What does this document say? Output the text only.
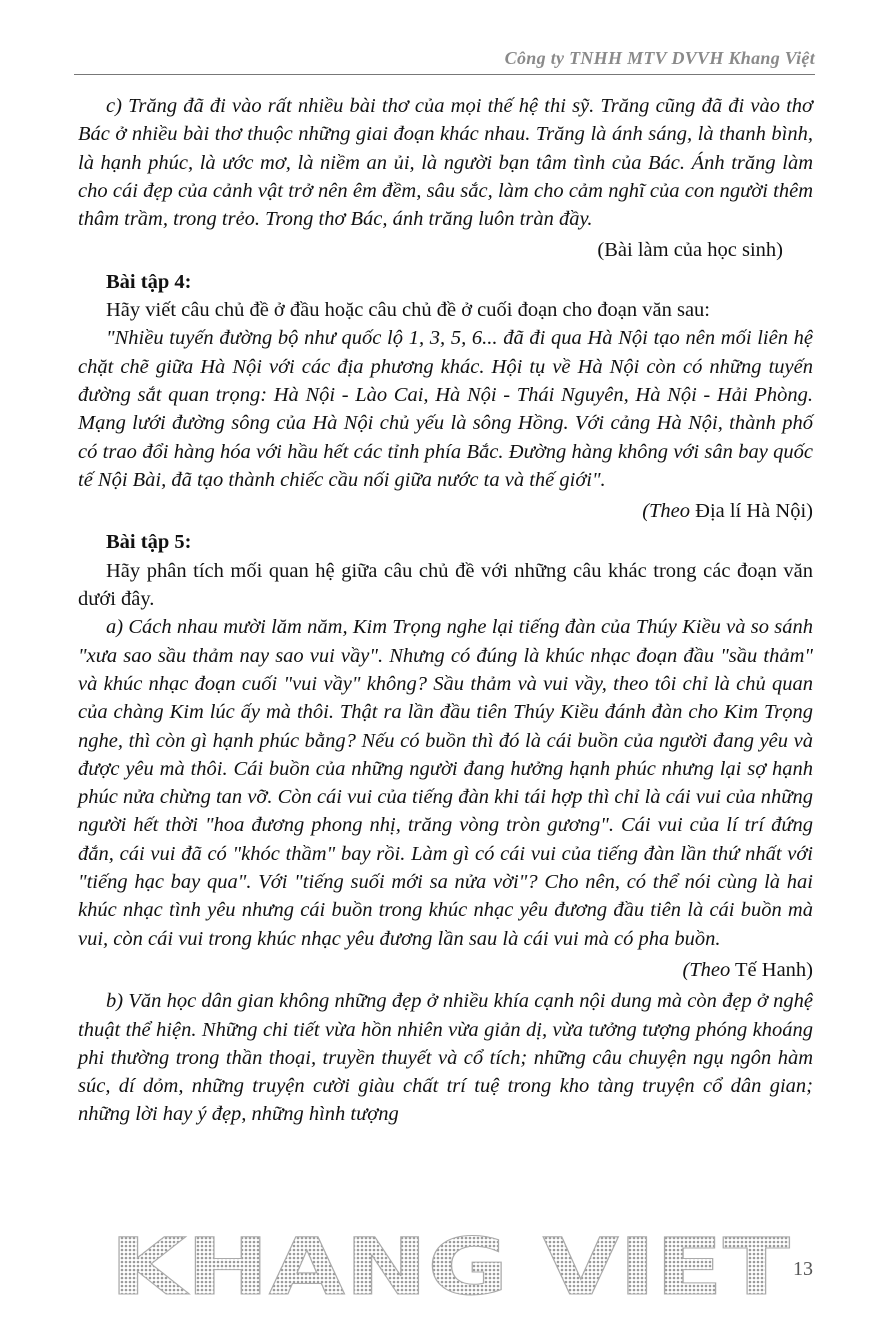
Công ty TNHH MTV DVVH Khang Việt

c) Trăng đã đi vào rất nhiều bài thơ của mọi thế hệ thi sỹ. Trăng cũng đã đi vào thơ Bác ở nhiều bài thơ thuộc những giai đoạn khác nhau. Trăng là ánh sáng, là thanh bình, là hạnh phúc, là ước mơ, là niềm an ủi, là người bạn tâm tình của Bác. Ánh trăng làm cho cái đẹp của cảnh vật trở nên êm đềm, sâu sắc, làm cho cảm nghĩ của con người thêm thâm trầm, trong trẻo. Trong thơ Bác, ánh trăng luôn tràn đầy.

(Bài làm của học sinh)

Bài tập 4:

Hãy viết câu chủ đề ở đầu hoặc câu chủ đề ở cuối đoạn cho đoạn văn sau:

"Nhiều tuyến đường bộ như quốc lộ 1, 3, 5, 6... đã đi qua Hà Nội tạo nên mối liên hệ chặt chẽ giữa Hà Nội với các địa phương khác. Hội tụ về Hà Nội còn có những tuyến đường sắt quan trọng: Hà Nội - Lào Cai, Hà Nội - Thái Nguyên, Hà Nội - Hải Phòng. Mạng lưới đường sông của Hà Nội chủ yếu là sông Hồng. Với cảng Hà Nội, thành phố có trao đổi hàng hóa với hầu hết các tỉnh phía Bắc. Đường hàng không với sân bay quốc tế Nội Bài, đã tạo thành chiếc cầu nối giữa nước ta và thế giới".

(Theo Địa lí Hà Nội)

Bài tập 5:

Hãy phân tích mối quan hệ giữa câu chủ đề với những câu khác trong các đoạn văn dưới đây.

a) Cách nhau mười lăm năm, Kim Trọng nghe lại tiếng đàn của Thúy Kiều và so sánh "xưa sao sầu thảm nay sao vui vầy". Nhưng có đúng là khúc nhạc đoạn đầu "sầu thảm" và khúc nhạc đoạn cuối "vui vầy" không? Sầu thảm và vui vầy, theo tôi chỉ là chủ quan của chàng Kim lúc ấy mà thôi. Thật ra lần đầu tiên Thúy Kiều đánh đàn cho Kim Trọng nghe, thì còn gì hạnh phúc bằng? Nếu có buồn thì đó là cái buồn của người đang yêu và được yêu mà thôi. Cái buồn của những người đang hưởng hạnh phúc nhưng lại sợ hạnh phúc nửa chừng tan vỡ. Còn cái vui của tiếng đàn khi tái hợp thì chỉ là cái vui của những người hết thời "hoa đương phong nhị, trăng vòng tròn gương". Cái vui của lí trí đứng đắn, cái vui đã có "khóc thầm" bay rồi. Làm gì có cái vui của tiếng đàn lần thứ nhất với "tiếng hạc bay qua". Với "tiếng suối mới sa nửa vời"? Cho nên, có thể nói cùng là hai khúc nhạc tình yêu nhưng cái buồn trong khúc nhạc yêu đương đầu tiên là cái buồn mà vui, còn cái vui trong khúc nhạc yêu đương lần sau là cái vui mà có pha buồn.

(Theo Tế Hanh)

b) Văn học dân gian không những đẹp ở nhiều khía cạnh nội dung mà còn đẹp ở nghệ thuật thể hiện. Những chi tiết vừa hồn nhiên vừa giản dị, vừa tưởng tượng phóng khoáng phi thường trong thần thoại, truyền thuyết và cổ tích; những câu chuyện ngụ ngôn hàm súc, dí dỏm, những truyện cười giàu chất trí tuệ trong kho tàng truyện cổ dân gian; những lời hay ý đẹp, những hình tượng

KHANG VIET 13
